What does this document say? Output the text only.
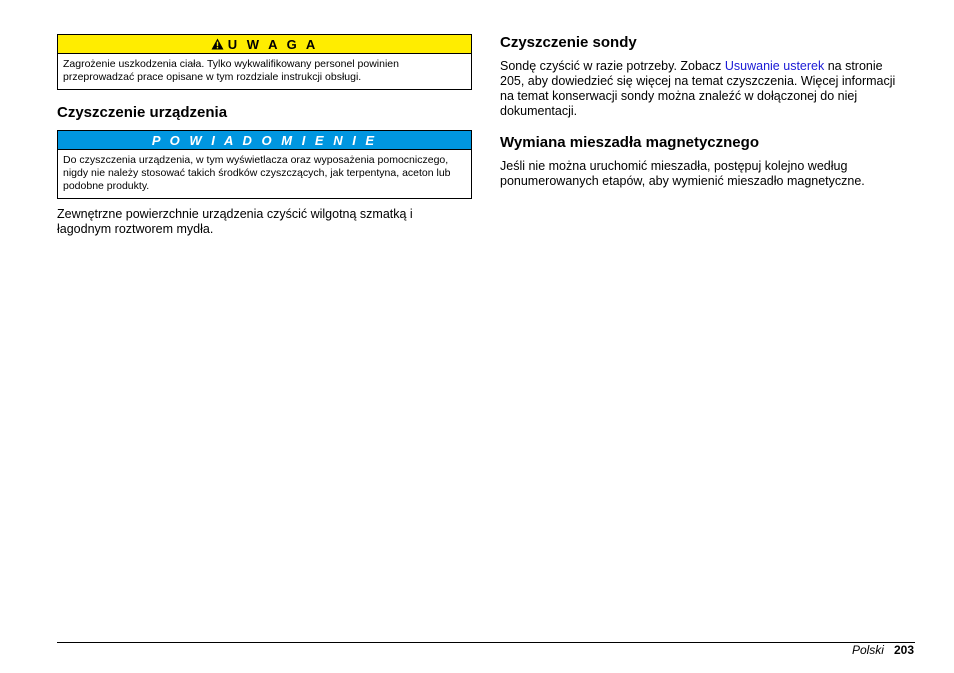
U W A G A
Zagrożenie uszkodzenia ciała. Tylko wykwalifikowany personel powinien przeprowadzać prace opisane w tym rozdziale instrukcji obsługi.
Czyszczenie urządzenia
P O W I A D O M I E N I E
Do czyszczenia urządzenia, w tym wyświetlacza oraz wyposażenia pomocniczego, nigdy nie należy stosować takich środków czyszczących, jak terpentyna, aceton lub podobne produkty.

Zewnętrzne powierzchnie urządzenia czyścić wilgotną szmatką i łagodnym roztworem mydła.

Czyszczenie sondy

Sondę czyścić w razie potrzeby. Zobacz Usuwanie usterek na stronie 205, aby dowiedzieć się więcej na temat czyszczenia. Więcej informacji na temat konserwacji sondy można znaleźć w dołączonej do niej dokumentacji.

Wymiana mieszadła magnetycznego

Jeśli nie można uruchomić mieszadła, postępuj kolejno według ponumerowanych etapów, aby wymienić mieszadło magnetyczne.

Polski 203
